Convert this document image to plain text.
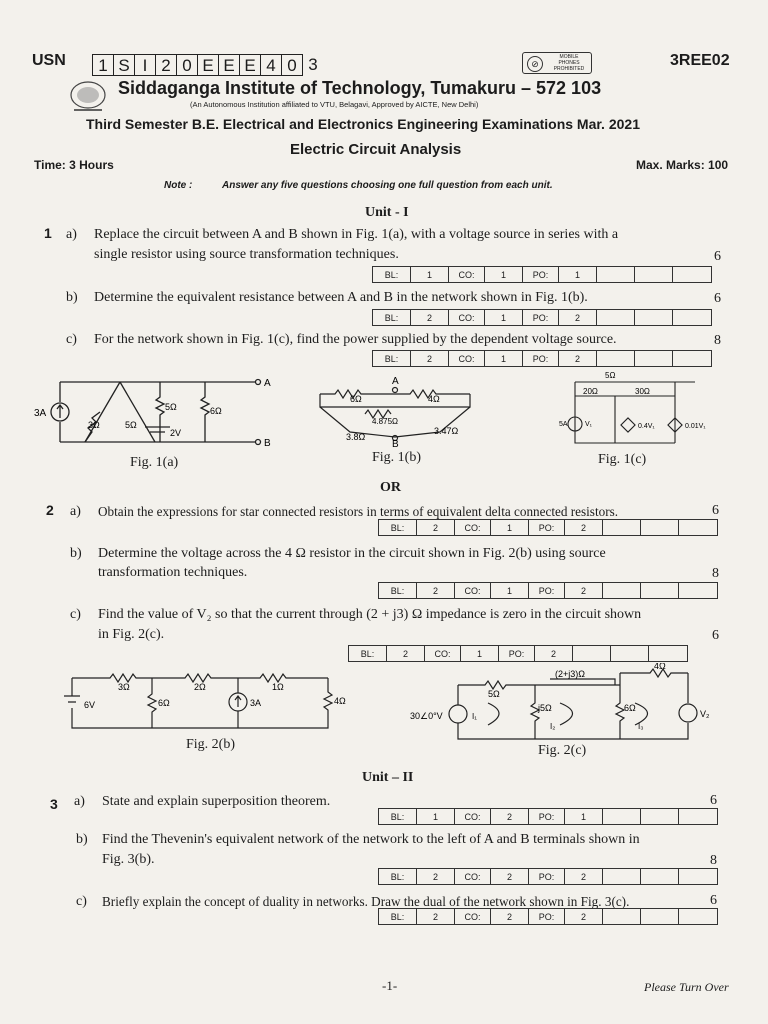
USN	1 S I 2 0 E E E 4 0 3	⊘
MOBILE PHONES PROHIBITED	3REE02
Siddaganga Institute of Technology, Tumakuru – 572 103
(An Autonomous Institution affiliated to VTU, Belagavi, Approved by AICTE, New Delhi)
Third Semester B.E. Electrical and Electronics Engineering Examinations Mar. 2021
Electric Circuit Analysis
Time: 3 Hours	Max. Marks: 100
Note :	Answer any five questions choosing one full question from each unit.
Unit - I
1 a) Replace the circuit between A and B shown in Fig. 1(a), with a voltage source in series with a
single resistor using source transformation techniques.	6
BL:	1	CO:	1	PO:	1
b) Determine the equivalent resistance between A and B in the network shown in Fig. 1(b).	6
BL:	2	CO:	1	PO:	2
c) For the network shown in Fig. 1(c), find the power supplied by the dependent voltage source.	8
BL:	2	CO:	1	PO:	2
3A
3Ω	5Ω
5Ω	6Ω
2V
A
B
Fig. 1(a)
A
6Ω	4Ω
4.875Ω
3.8Ω
3.47Ω
B
Fig. 1(b)
5Ω
20Ω	30Ω
5A V₁	0.4V₁	0.01V₁
Fig. 1(c)
OR
2 a) Obtain the expressions for star connected resistors in terms of equivalent delta connected resistors.	6
BL:	2	CO:	1	PO:	2
b) Determine the voltage across the 4 Ω resistor in the circuit shown in Fig. 2(b) using source
transformation techniques.	8
BL:	2	CO:	1	PO:	2
c) Find the value of V₂ so that the current through (2 + j3) Ω impedance is zero in the circuit shown
in Fig. 2(c).	6
BL:	2	CO:	1	PO:	2
6V
3Ω	2Ω	1Ω
6Ω	3A	4Ω
Fig. 2(b)
30∠0°V
5Ω
(2+j3)Ω
4Ω
j5Ω	6Ω
V₂
I₁
I₂	I₃
Fig. 2(c)
Unit – II
3 a) State and explain superposition theorem.	6
BL:	1	CO:	2	PO:	1
b) Find the Thevenin's equivalent network of the network to the left of A and B terminals shown in
Fig. 3(b).	8
BL:	2	CO:	2	PO:	2
c) Briefly explain the concept of duality in networks. Draw the dual of the network shown in Fig. 3(c).	6
BL:	2	CO:	2	PO:	2
-1-	Please Turn Over
